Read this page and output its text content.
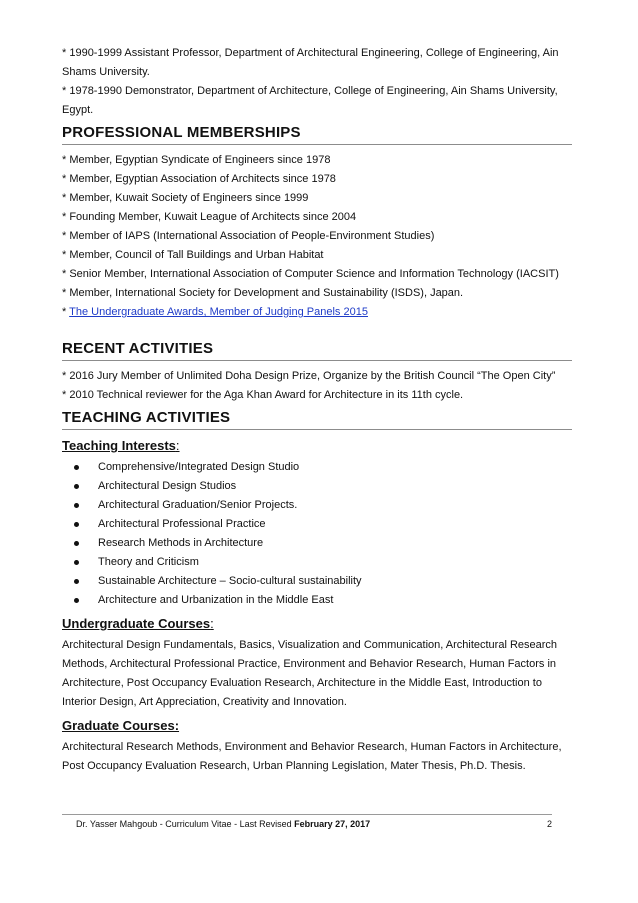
* 1990-1999 Assistant Professor, Department of Architectural Engineering, College of Engineering, Ain Shams University.

* 1978-1990 Demonstrator, Department of Architecture, College of Engineering, Ain Shams University, Egypt.

PROFESSIONAL MEMBERSHIPS

* Member, Egyptian Syndicate of Engineers since 1978

* Member, Egyptian Association of Architects since 1978

* Member, Kuwait Society of Engineers since 1999

* Founding Member, Kuwait League of Architects since 2004

* Member of IAPS (International Association of People-Environment Studies)

* Member, Council of Tall Buildings and Urban Habitat

* Senior Member, International Association of Computer Science and Information Technology (IACSIT)

* Member, International Society for Development and Sustainability (ISDS), Japan.

* The Undergraduate Awards, Member of Judging Panels 2015

RECENT ACTIVITIES

* 2016 Jury Member of Unlimited Doha Design Prize, Organize by the British Council “The Open City”

* 2010 Technical reviewer for the Aga Khan Award for Architecture in its 11th cycle.

TEACHING ACTIVITIES
Teaching Interests:
Comprehensive/Integrated Design Studio
Architectural Design Studios
Architectural Graduation/Senior Projects.
Architectural Professional Practice
Research Methods in Architecture
Theory and Criticism
Sustainable Architecture – Socio-cultural sustainability
Architecture and Urbanization in the Middle East
Undergraduate Courses:

Architectural Design Fundamentals, Basics, Visualization and Communication, Architectural Research Methods, Architectural Professional Practice, Environment and Behavior Research, Human Factors in Architecture, Post Occupancy Evaluation Research, Architecture in the Middle East, Introduction to Interior Design, Art Appreciation, Creativity and Innovation.

Graduate Courses:

Architectural Research Methods, Environment and Behavior Research, Human Factors in Architecture, Post Occupancy Evaluation Research, Urban Planning Legislation, Mater Thesis, Ph.D. Thesis.

Dr. Yasser Mahgoub - Curriculum Vitae - Last Revised February 27, 2017	2
